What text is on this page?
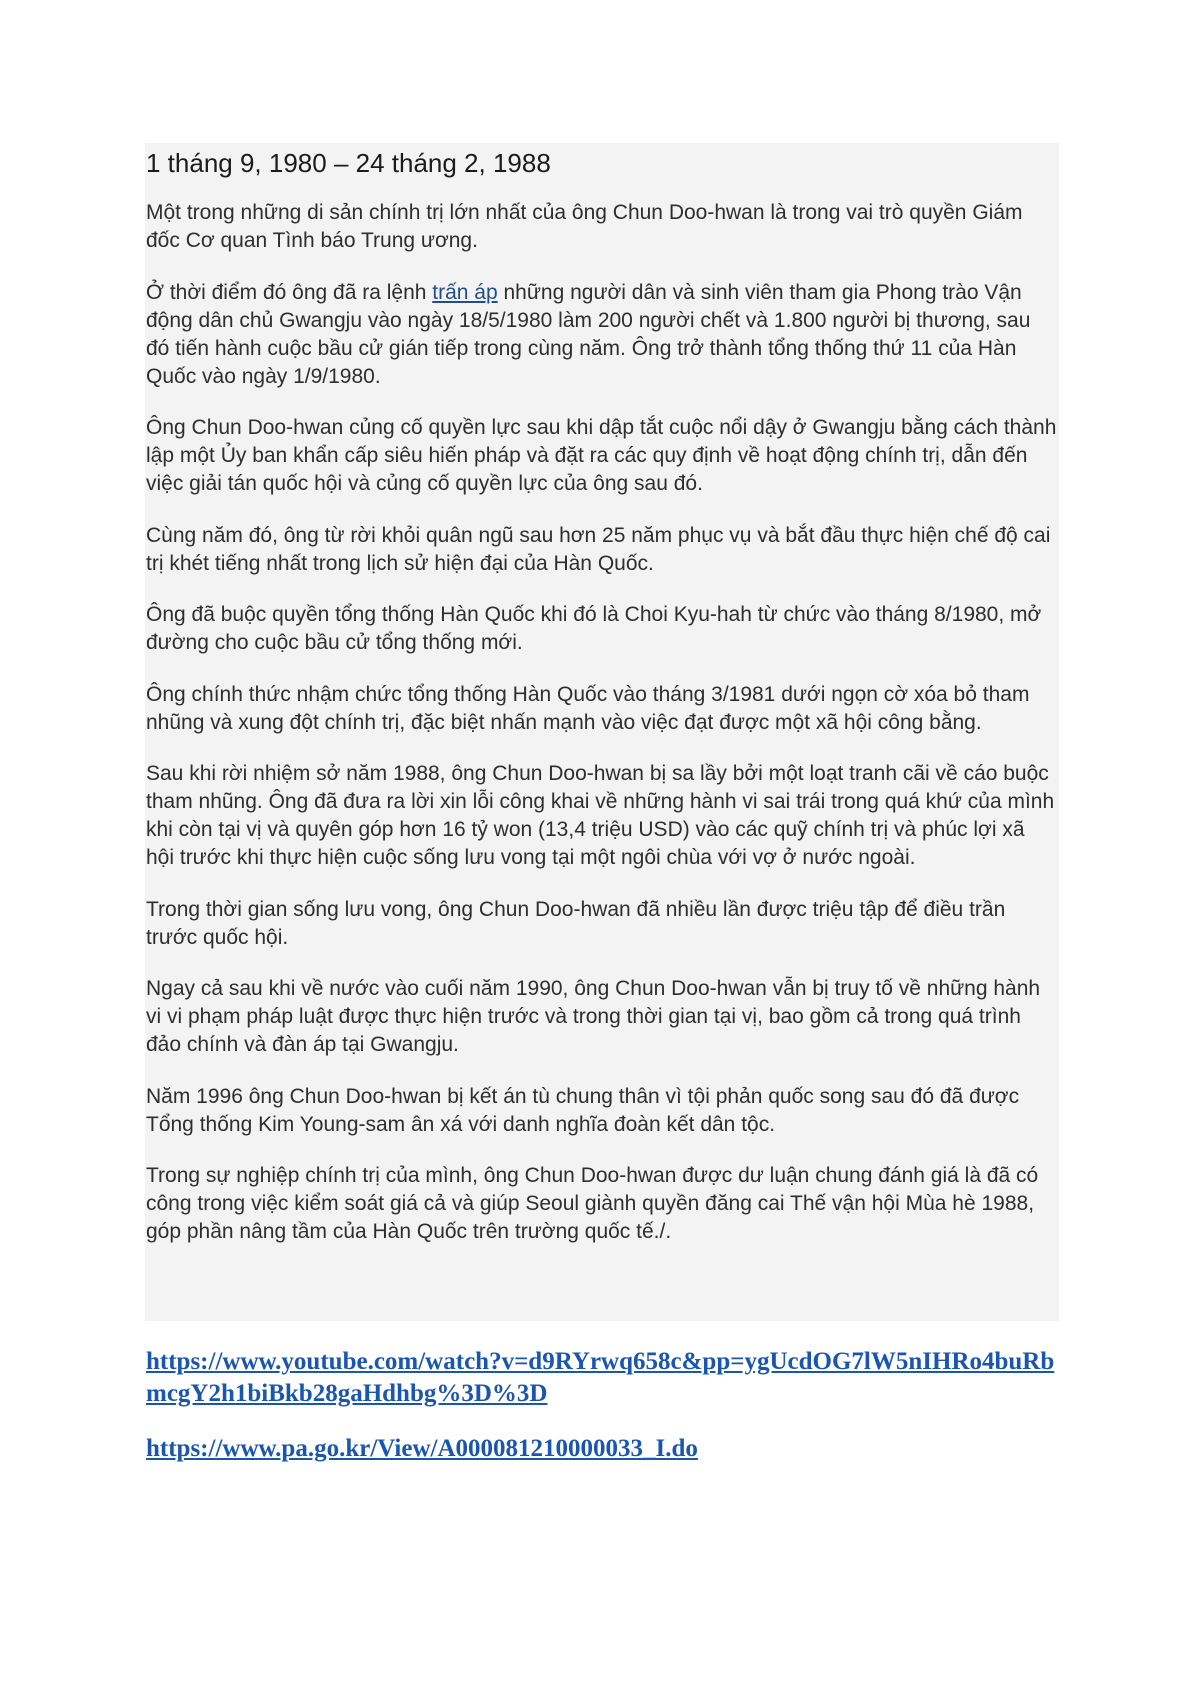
1 tháng 9, 1980 – 24 tháng 2, 1988

Một trong những di sản chính trị lớn nhất của ông Chun Doo-hwan là trong vai trò quyền Giám đốc Cơ quan Tình báo Trung ương.

Ở thời điểm đó ông đã ra lệnh trấn áp những người dân và sinh viên tham gia Phong trào Vận động dân chủ Gwangju vào ngày 18/5/1980 làm 200 người chết và 1.800 người bị thương, sau đó tiến hành cuộc bầu cử gián tiếp trong cùng năm. Ông trở thành tổng thống thứ 11 của Hàn Quốc vào ngày 1/9/1980.

Ông Chun Doo-hwan củng cố quyền lực sau khi dập tắt cuộc nổi dậy ở Gwangju bằng cách thành lập một Ủy ban khẩn cấp siêu hiến pháp và đặt ra các quy định về hoạt động chính trị, dẫn đến việc giải tán quốc hội và củng cố quyền lực của ông sau đó.

Cùng năm đó, ông từ rời khỏi quân ngũ sau hơn 25 năm phục vụ và bắt đầu thực hiện chế độ cai trị khét tiếng nhất trong lịch sử hiện đại của Hàn Quốc.

Ông đã buộc quyền tổng thống Hàn Quốc khi đó là Choi Kyu-hah từ chức vào tháng 8/1980, mở đường cho cuộc bầu cử tổng thống mới.

Ông chính thức nhậm chức tổng thống Hàn Quốc vào tháng 3/1981 dưới ngọn cờ xóa bỏ tham nhũng và xung đột chính trị, đặc biệt nhấn mạnh vào việc đạt được một xã hội công bằng.

Sau khi rời nhiệm sở năm 1988, ông Chun Doo-hwan bị sa lầy bởi một loạt tranh cãi về cáo buộc tham nhũng. Ông đã đưa ra lời xin lỗi công khai về những hành vi sai trái trong quá khứ của mình khi còn tại vị và quyên góp hơn 16 tỷ won (13,4 triệu USD) vào các quỹ chính trị và phúc lợi xã hội trước khi thực hiện cuộc sống lưu vong tại một ngôi chùa với vợ ở nước ngoài.

Trong thời gian sống lưu vong, ông Chun Doo-hwan đã nhiều lần được triệu tập để điều trần trước quốc hội.

Ngay cả sau khi về nước vào cuối năm 1990, ông Chun Doo-hwan vẫn bị truy tố về những hành vi vi phạm pháp luật được thực hiện trước và trong thời gian tại vị, bao gồm cả trong quá trình đảo chính và đàn áp tại Gwangju.

Năm 1996 ông Chun Doo-hwan bị kết án tù chung thân vì tội phản quốc song sau đó đã được Tổng thống Kim Young-sam ân xá với danh nghĩa đoàn kết dân tộc.

Trong sự nghiệp chính trị của mình, ông Chun Doo-hwan được dư luận chung đánh giá là đã có công trong việc kiểm soát giá cả và giúp Seoul giành quyền đăng cai Thế vận hội Mùa hè 1988, góp phần nâng tầm của Hàn Quốc trên trường quốc tế./.

https://www.youtube.com/watch?v=d9RYrwq658c&pp=ygUcdOG7lW5nIHRo4buRbmcgY2h1biBkb28gaHdhbg%3D%3D
https://www.pa.go.kr/View/A000081210000033_I.do
